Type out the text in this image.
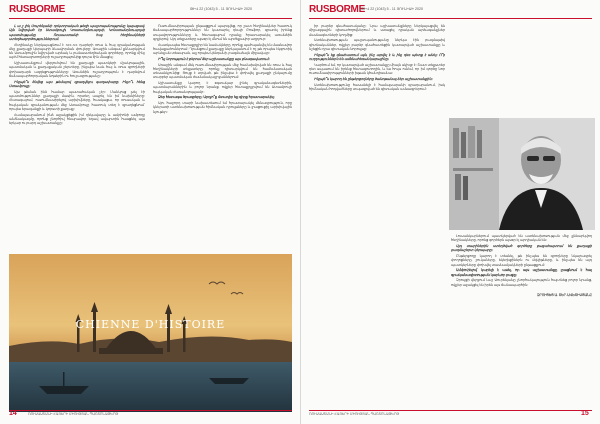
RUSBORME	ԹԻՎ 22 (1043) 5 - 11 ՅՈՒՆԻՍԻ 2020

Լ ա շ լիկ Սուրենյանի դոկտորական թեզի պաշտպանությունը կայացավ։ Այն նվիրված էր Ստամբուլի, Կոստանդնուպոլսի, Կոնստանդնուպոլսի պատմությանը Ռուսաստանի հայ հեղինակների ստեղծագործություններում։

Հեղինակը ներկայացնում է XIX-XX դարերի ռուս և հայ գրականության մեջ քաղաքի կերպարի ձևավորման փուլերը։ Առաջին անգամ քննարկվում են Ստամբուլին նվիրված արձակ և բանաստեղծական գործերը, որոնք մինչ այժմ հետազոտողների ուշադրությունից դուրս էին մնացել։

Աշխատանքում վերլուծվում են քաղաքի պատկերի մշակութային, պատմական և քաղաքական շերտերը, ինչպես նաև հայ և ռուս գրողների փոխադարձ ազդեցությունները։ Առանձին ուշադրություն է դարձվում ճանապարհորդական նոթերին ու հուշագրությանը։

Ինչպե՞ս ծնվեց այս թեմայով զբաղվելու գաղափարը։ Ինչո՞ւ հենց Ստամբուլը։

Այս թեման ինձ համար պատահական չէր։ Մանկուց լսել էի պատմություններ քաղաքի մասին, որտեղ ապրել են իմ նախնիները։ Հետագայում, ուսումնասիրելով արխիվները, հասկացա, որ ռուսական և հայկական գրականության մեջ Ստամբուլը հատուկ տեղ է զբաղեցնում՝ որպես երազանքի և կորստի քաղաք։

Համալսարանում ինձ աջակցեցին իմ ղեկավարը և ամբիոնի ամբողջ անձնակազմը, որոնց շնորհիվ հնարավոր եղավ ավարտին հասցնել այս երկար ու բարդ աշխատանքը։

Ուսումնասիրության ընթացքում պարզվեց, որ շատ հեղինակներ հատուկ ճանապարհորդություններ են կատարել դեպի Բոսֆոր, գրառել իրենց տպավորությունները և հետագայում դրանք հրատարակել առանձին գրքերով։ Այդ տեքստերը այսօր էլ մնում են արժեքավոր աղբյուր։

Հատկապես հետաքրքիր են նամակները, որոնք պահպանվել են մասնավոր հավաքածուներում։ Դրանցում քաղաքը ներկայանում է ոչ թե որպես էկզոտիկ արևելյան տեսարան, այլ որպես կենդանի, բազմաձայն միջավայր։

Ի՞նչ նորություն է բերում ձեր աշխատանքը այս բնագավառում։

Առաջին անգամ մեկ ուսումնասիրության մեջ համախմբված են ռուս և հայ հեղինակների տեքստերը, որոնք դիտարկվում են համեմատական տեսանկյունից։ Ցույց է տրված, թե ինչպես է փոխվել քաղաքի ընկալումը տարբեր պատմական ժամանակաշրջաններում։

Աշխատանքը կարող է օգտակար լինել գրականագետներին, պատմաբաններին և բոլոր նրանց, ովքեր հետաքրքրվում են Ստամբուլի հայկական ժառանգությամբ։

Ձեր հետագա ծրագրերը։ Արդյո՞ք մտադիր եք գիրք հրատարակել։

Այո, հաջորդ տարի նախատեսում եմ հրատարակել մենագրություն, որը կներառի ատենախոսության հիմնական դրույթները և լրացուցիչ արխիվային նյութեր։

CHIENNE D'HISTOIRE
14	ՌՈՒՍԱՍՏԱՆԻ ՀԱՅԵՐԻ ՄԻՈՒԹՅԱՆ ՊԱՇՏՈՆԱԹԵՐԹ
RUSBORME
ԹԻՎ 22 (1043) 5 - 11 ՅՈՒՆԻՍԻ 2020

իր բարձր գնահատականը։ Նրա աշխատանքները ներկայացվել են միջազգային գիտաժողովներում և ստացել դրական արձագանքներ մասնագետների կողմից։

Ատենախոսության պաշտպանությանը ներկա էին բազմաթիվ գիտնականներ, ովքեր բարձր գնահատեցին կատարված աշխատանքը և նշեցին դրա գիտական նորույթը։

Ինչպե՞ս եք գնահատում այն, ինչ արվել է և ինչ դեռ պետք է անել։ Ո՞ր ուղղություններն են ամենահեռանկարայինը։

Կարծում եմ, որ կատարված աշխատանքը միայն սկիզբ է։ Շատ տեքստեր դեռ սպասում են իրենց հետազոտողին, և ես հույս ունեմ, որ իմ գործը նոր ուսումնասիրությունների խթան կհանդիսանա։

Ինչպե՞ս կարող են ընթերցողները ծանոթանալ ձեր աշխատանքին։

Ատենախոսությունը հասանելի է համալսարանի գրադարանում, իսկ հիմնական հոդվածները տպագրված են գիտական ամսագրերում։

Լուսանկարներում պատկերված են ատենախոսության մեջ քննարկվող հեղինակները, որոնց գործերն այսօր էլ արդիական են։

Այդ տարիներին ստեղծված գործերը բացահայտում են քաղաքի բազմաշերտ կերպարը։

Ընթերցողը կարող է տեսնել, թե ինչպես են գրողները նկարագրել փողոցները, շուկաները, եկեղեցիներն ու մզկիթները, և ինչպես են այդ պատկերները փոխվել տասնամյակների ընթացքում։

Ամփոփելով՝ կարելի է ասել, որ այս աշխատանքը լրացնում է հայ գրականագիտության կարևոր բացը։

Զրույցի վերջում Լաշ Սուրենյանը շնորհակալություն հայտնեց բոլոր նրանց, ովքեր աջակցել են իրեն այս ճանապարհին։

ԶՐՈՒՑԵՑ Ա. ՏԵՐ-ԱՎԵՏԻՍՅԱՆԸ

ՌՈՒՍԱՍՏԱՆԻ ՀԱՅԵՐԻ ՄԻՈՒԹՅԱՆ ՊԱՇՏՈՆԱԹԵՐԹ	15
